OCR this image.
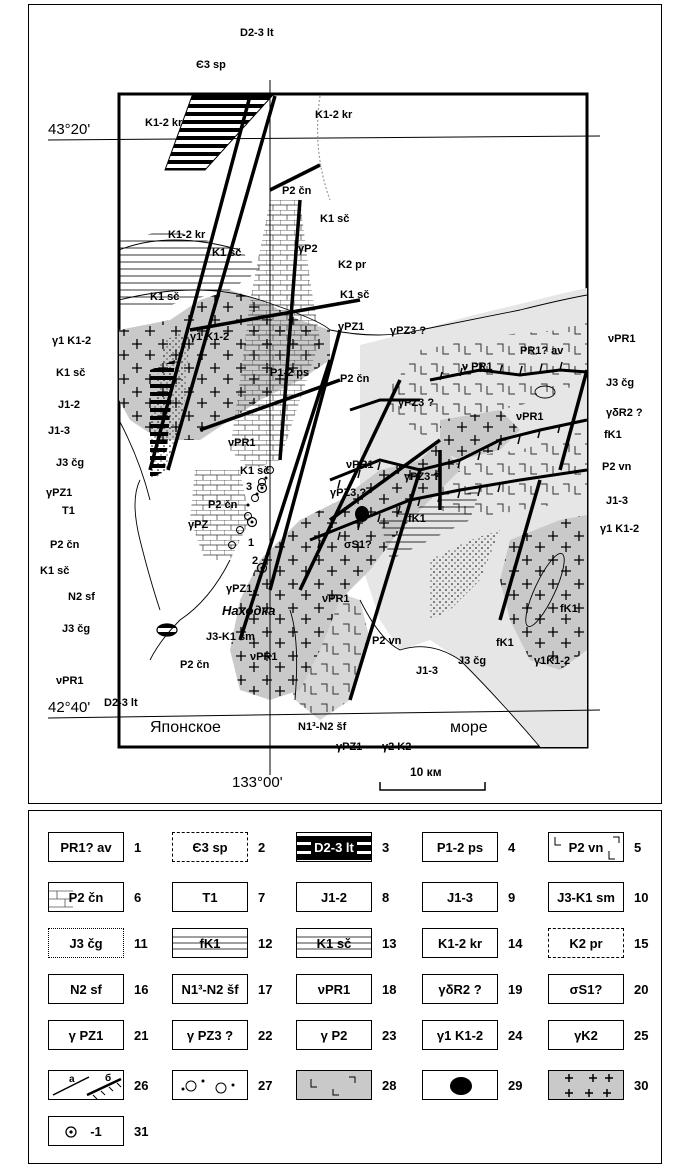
43°20'
42°40'
133°00'
10 км
Японское	море
Находка
D2-3 lt
Є3 sp
K1-2 kr
K1-2 kr
K1-2 kr
P2 čn
K1 sč
γP2
K2 pr
K1 sč
K1 sč
K1 sč
γ1 K1-2	γ1 K1-2
γPZ1 γPZ3 ?
P1-2 ps	P2 čn
ν PR1
PR1? av
νPR1
J3 čg
K1 sč
J1-2
J1-3
J3 čg
νPR1
γPZ3 ?
νPR1	γδR2 ?
fK1
P2 vn
γPZ1
T1
K1 sč	νPR1
γPZ3 ?
γPZ3 ?
J1-3
γPZ
P2 čn
fK1
γ1 K1-2
P2 čn	σS1?
K1 sč
N2 sf
γPZ1
νPR1
fK1
J3 čg
J3-K1 sm	P2 vn
J1-3
J3 čg
fK1
γ1K1-2
νPR1
νPR1
P2 čn
D2-3 lt
N1³-N2 šf
γPZ1 γ2 K2
1
2
3
PR1? av 1	Є3 sp 2	D2-3 lt 3	P1-2 ps 4	P2 vn 5
P2 čn 6	T1	7	J1-2	8	J1-3	9	J3-K1 sm 10
J3 čg 11	fK1	12	K1 sč 13	K1-2 kr 14	K2 pr 15
N2 sf 16	N1³-N2 šf 17	νPR1 18	γδR2 ? 19	σS1? 20
γ PZ1 21	γ PZ3 ? 22	γ P2	23	γ1 K1-2 24	γK2	25
а	б 26	27	28	29	30
-1 31
